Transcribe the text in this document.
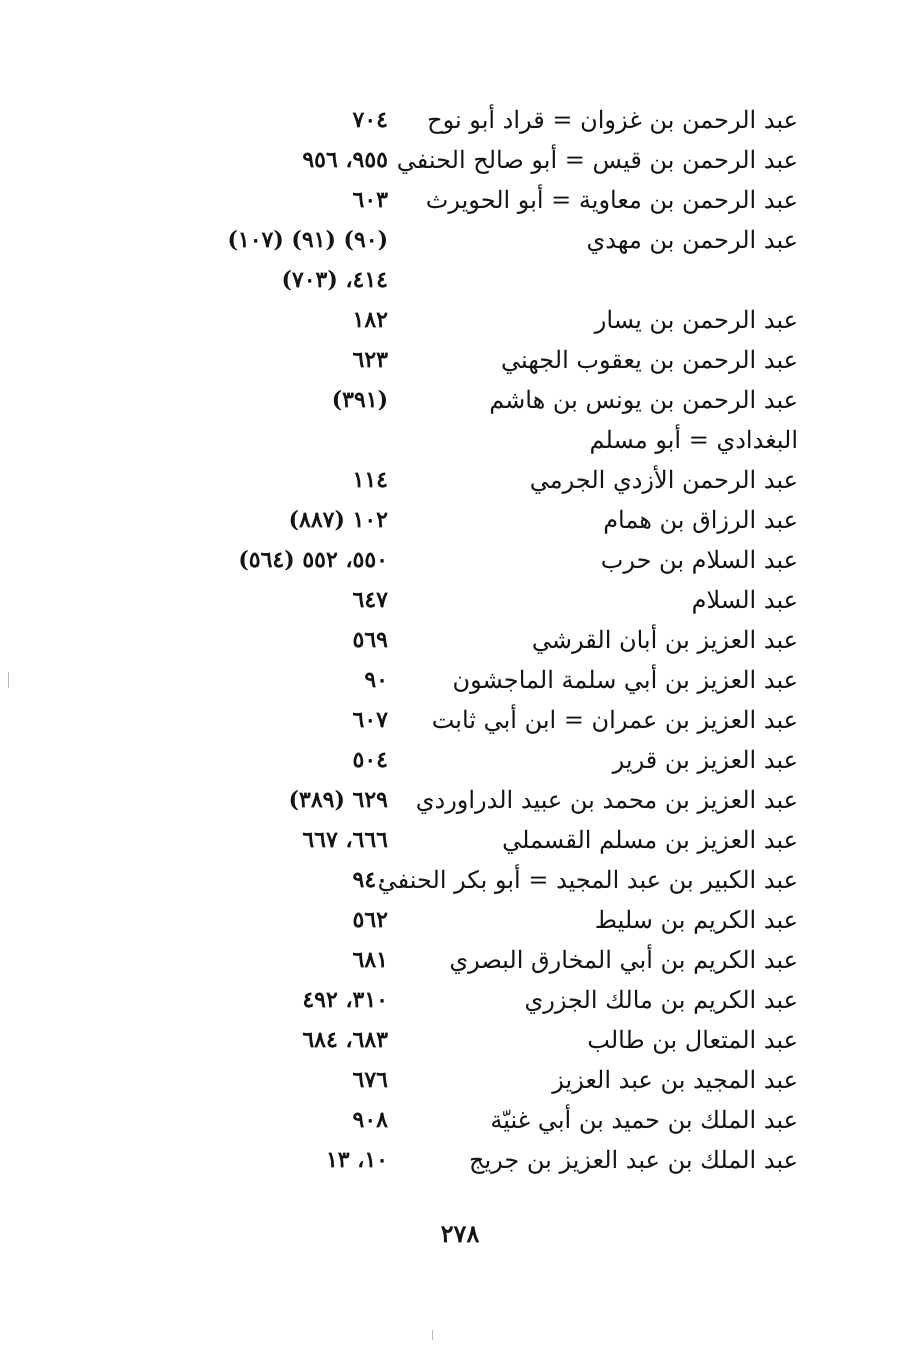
عبد الرحمن بن غزوان = قراد أبو نوح
٧٠٤
عبد الرحمن بن قيس = أبو صالح الحنفي
٩٥٥، ٩٥٦
عبد الرحمن بن معاوية = أبو الحويرث
٦٠٣
عبد الرحمن بن مهدي
(٩٠) (٩١) (١٠٧)
٤١٤، (٧٠٣)
عبد الرحمن بن يسار
١٨٢
عبد الرحمن بن يعقوب الجهني
٦٢٣
عبد الرحمن بن يونس بن هاشم
(٣٩١)
البغدادي = أبو مسلم
عبد الرحمن الأزدي الجرمي
١١٤
عبد الرزاق بن همام
١٠٢ (٨٨٧)
عبد السلام بن حرب
٥٥٠، ٥٥٢ (٥٦٤)
عبد السلام
٦٤٧
عبد العزيز بن أبان القرشي
٥٦٩
عبد العزيز بن أبي سلمة الماجشون
٩٠
عبد العزيز بن عمران = ابن أبي ثابت
٦٠٧
عبد العزيز بن قرير
٥٠٤
عبد العزيز بن محمد بن عبيد الدراوردي
٦٢٩ (٣٨٩)
عبد العزيز بن مسلم القسملي
٦٦٦، ٦٦٧
عبد الكبير بن عبد المجيد = أبو بكر الحنفي
٩٤٠
عبد الكريم بن سليط
٥٦٢
عبد الكريم بن أبي المخارق البصري
٦٨١
عبد الكريم بن مالك الجزري
٣١٠، ٤٩٢
عبد المتعال بن طالب
٦٨٣، ٦٨٤
عبد المجيد بن عبد العزيز
٦٧٦
عبد الملك بن حميد بن أبي غنيّة
٩٠٨
عبد الملك بن عبد العزيز بن جريج
١٠، ١٣
٢٧٨
